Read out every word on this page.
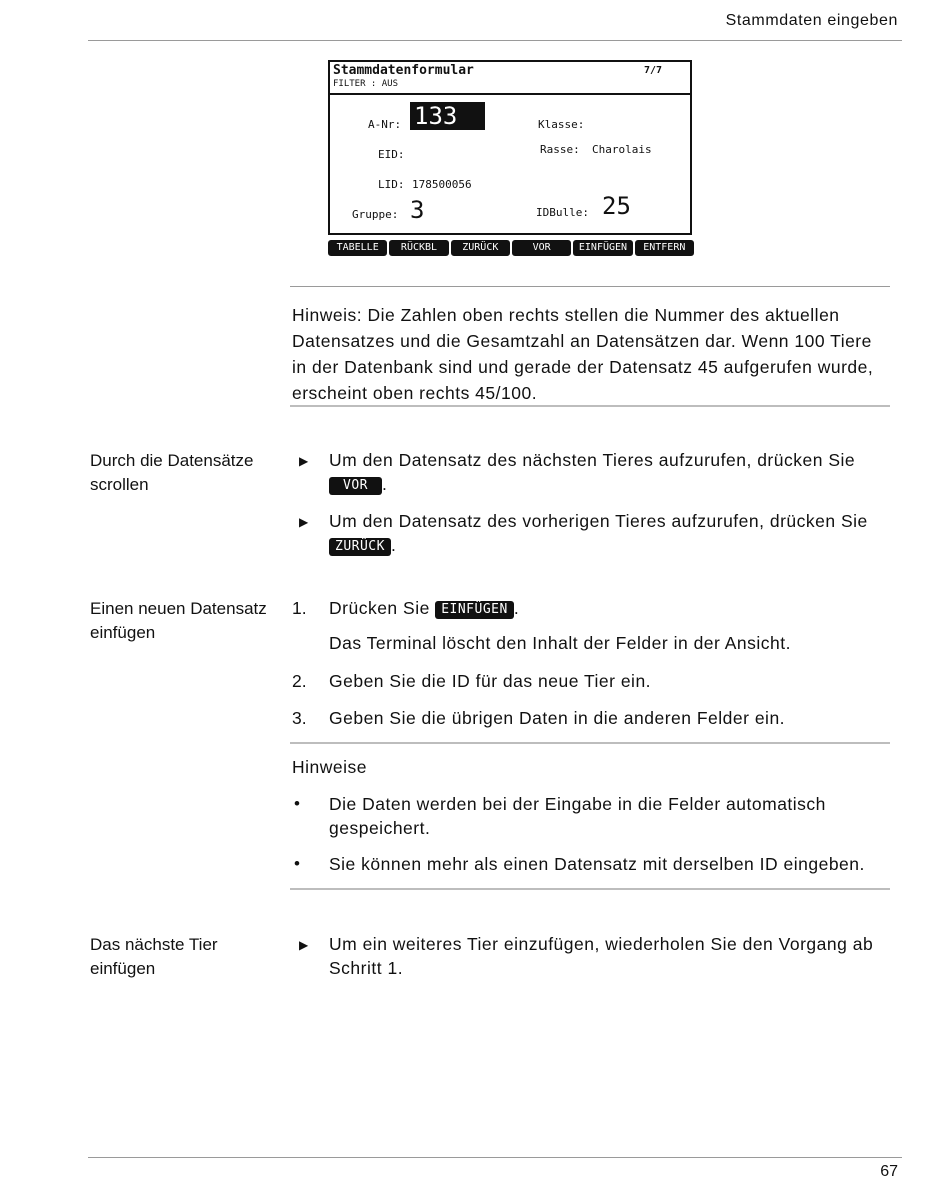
Stammdaten eingeben
Stammdatenformular
FILTER : AUS
7/7
A-Nr: 133
EID:
LID: 178500056
Gruppe: 3
Klasse:
Rasse: Charolais
IDBulle: 25
TABELLE	RÜCKBL	ZURÜCK	VOR	EINFÜGEN	ENTFERN
Hinweis: Die Zahlen oben rechts stellen die Nummer des aktuellen Datensatzes und die Gesamtzahl an Datensätzen dar. Wenn 100 Tiere in der Datenbank sind und gerade der Datensatz 45 aufgerufen wurde, erscheint oben rechts 45/100.
Durch die Datensätze scrollen
▶ Um den Datensatz des nächsten Tieres aufzurufen, drücken Sie
VOR .
▶ Um den Datensatz des vorherigen Tieres aufzurufen, drücken Sie ZURÜCK .
Einen neuen Datensatz einfügen
1. Drücken Sie EINFÜGEN .
Das Terminal löscht den Inhalt der Felder in der Ansicht.
2. Geben Sie die ID für das neue Tier ein.
3. Geben Sie die übrigen Daten in die anderen Felder ein.
Hinweise
• Die Daten werden bei der Eingabe in die Felder automatisch gespeichert.
• Sie können mehr als einen Datensatz mit derselben ID eingeben.
Das nächste Tier einfügen
▶ Um ein weiteres Tier einzufügen, wiederholen Sie den Vorgang ab Schritt 1.
67
